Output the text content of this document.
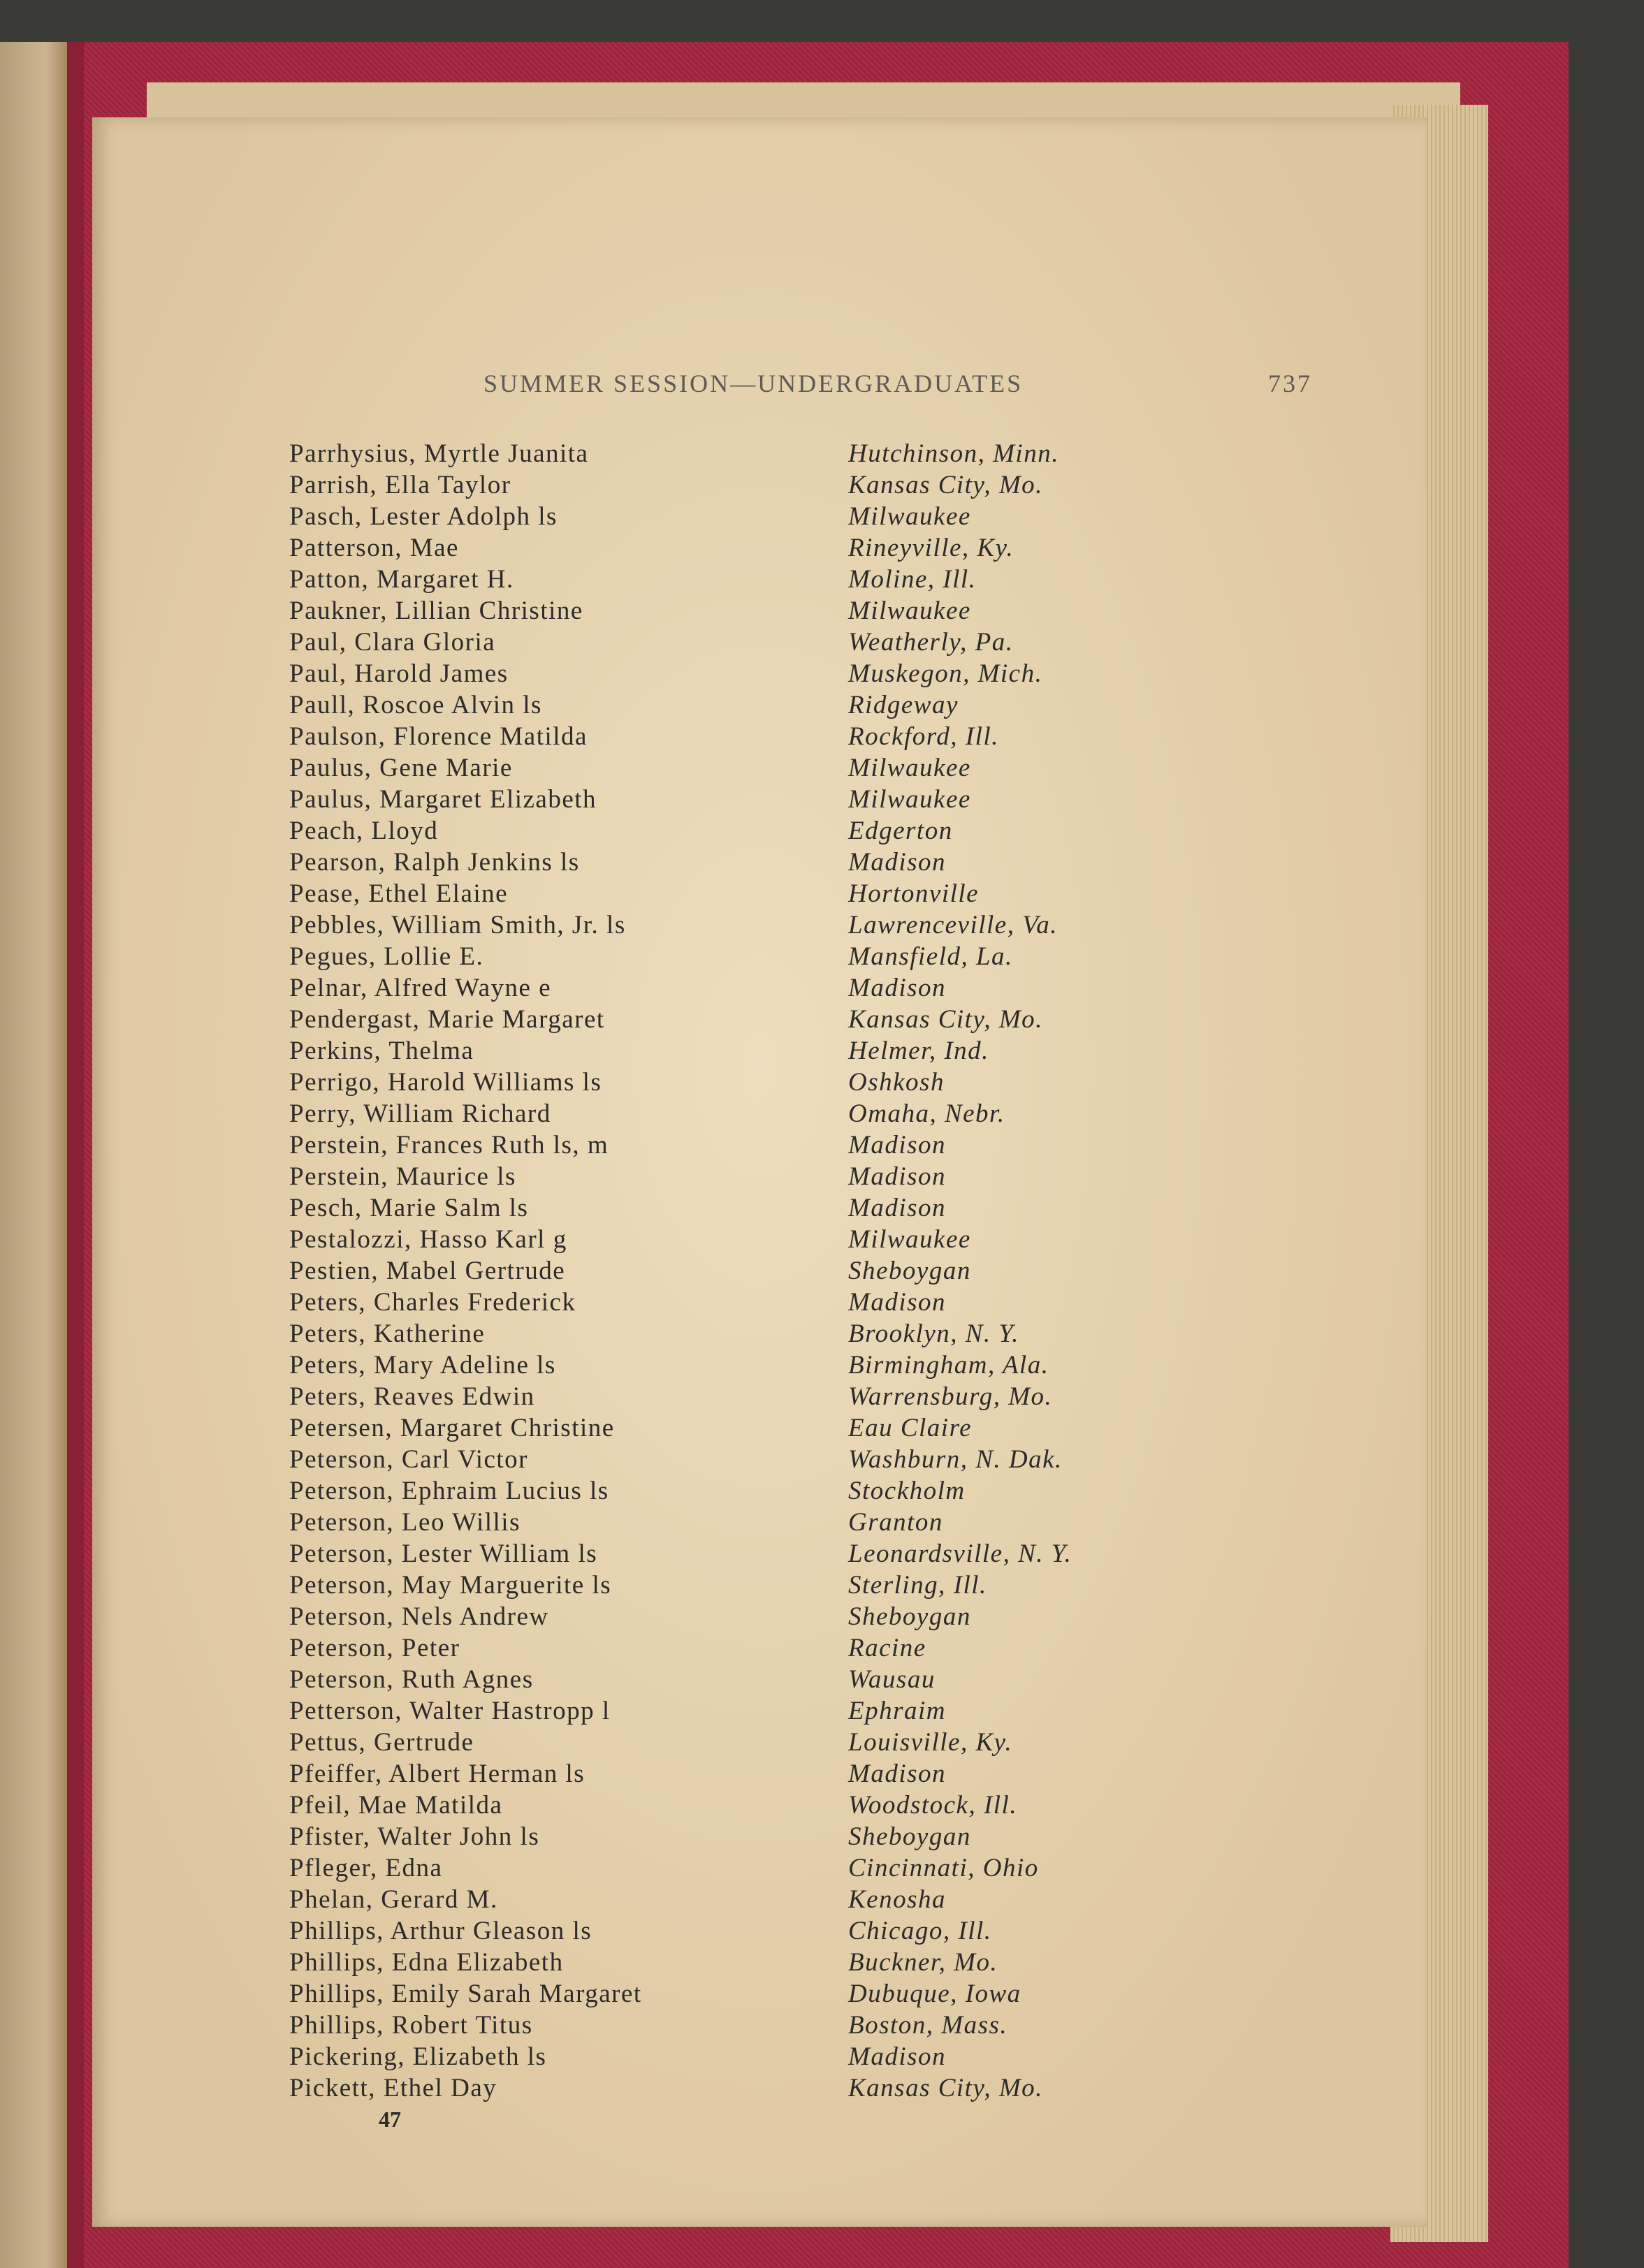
SUMMER SESSION—UNDERGRADUATES	737
Parrhysius, Myrtle Juanita	Hutchinson, Minn.
Parrish, Ella Taylor	Kansas City, Mo.
Pasch, Lester Adolph ls	Milwaukee
Patterson, Mae	Rineyville, Ky.
Patton, Margaret H.	Moline, Ill.
Paukner, Lillian Christine	Milwaukee
Paul, Clara Gloria	Weatherly, Pa.
Paul, Harold James	Muskegon, Mich.
Paull, Roscoe Alvin ls	Ridgeway
Paulson, Florence Matilda	Rockford, Ill.
Paulus, Gene Marie	Milwaukee
Paulus, Margaret Elizabeth	Milwaukee
Peach, Lloyd	Edgerton
Pearson, Ralph Jenkins ls	Madison
Pease, Ethel Elaine	Hortonville
Pebbles, William Smith, Jr. ls	Lawrenceville, Va.
Pegues, Lollie E.	Mansfield, La.
Pelnar, Alfred Wayne e	Madison
Pendergast, Marie Margaret	Kansas City, Mo.
Perkins, Thelma	Helmer, Ind.
Perrigo, Harold Williams ls	Oshkosh
Perry, William Richard	Omaha, Nebr.
Perstein, Frances Ruth ls, m	Madison
Perstein, Maurice ls	Madison
Pesch, Marie Salm ls	Madison
Pestalozzi, Hasso Karl g	Milwaukee
Pestien, Mabel Gertrude	Sheboygan
Peters, Charles Frederick	Madison
Peters, Katherine	Brooklyn, N. Y.
Peters, Mary Adeline ls	Birmingham, Ala.
Peters, Reaves Edwin	Warrensburg, Mo.
Petersen, Margaret Christine	Eau Claire
Peterson, Carl Victor	Washburn, N. Dak.
Peterson, Ephraim Lucius ls	Stockholm
Peterson, Leo Willis	Granton
Peterson, Lester William ls	Leonardsville, N. Y.
Peterson, May Marguerite ls	Sterling, Ill.
Peterson, Nels Andrew	Sheboygan
Peterson, Peter	Racine
Peterson, Ruth Agnes	Wausau
Petterson, Walter Hastropp l	Ephraim
Pettus, Gertrude	Louisville, Ky.
Pfeiffer, Albert Herman ls	Madison
Pfeil, Mae Matilda	Woodstock, Ill.
Pfister, Walter John ls	Sheboygan
Pfleger, Edna	Cincinnati, Ohio
Phelan, Gerard M.	Kenosha
Phillips, Arthur Gleason ls	Chicago, Ill.
Phillips, Edna Elizabeth	Buckner, Mo.
Phillips, Emily Sarah Margaret	Dubuque, Iowa
Phillips, Robert Titus	Boston, Mass.
Pickering, Elizabeth ls	Madison
Pickett, Ethel Day	Kansas City, Mo.
47
